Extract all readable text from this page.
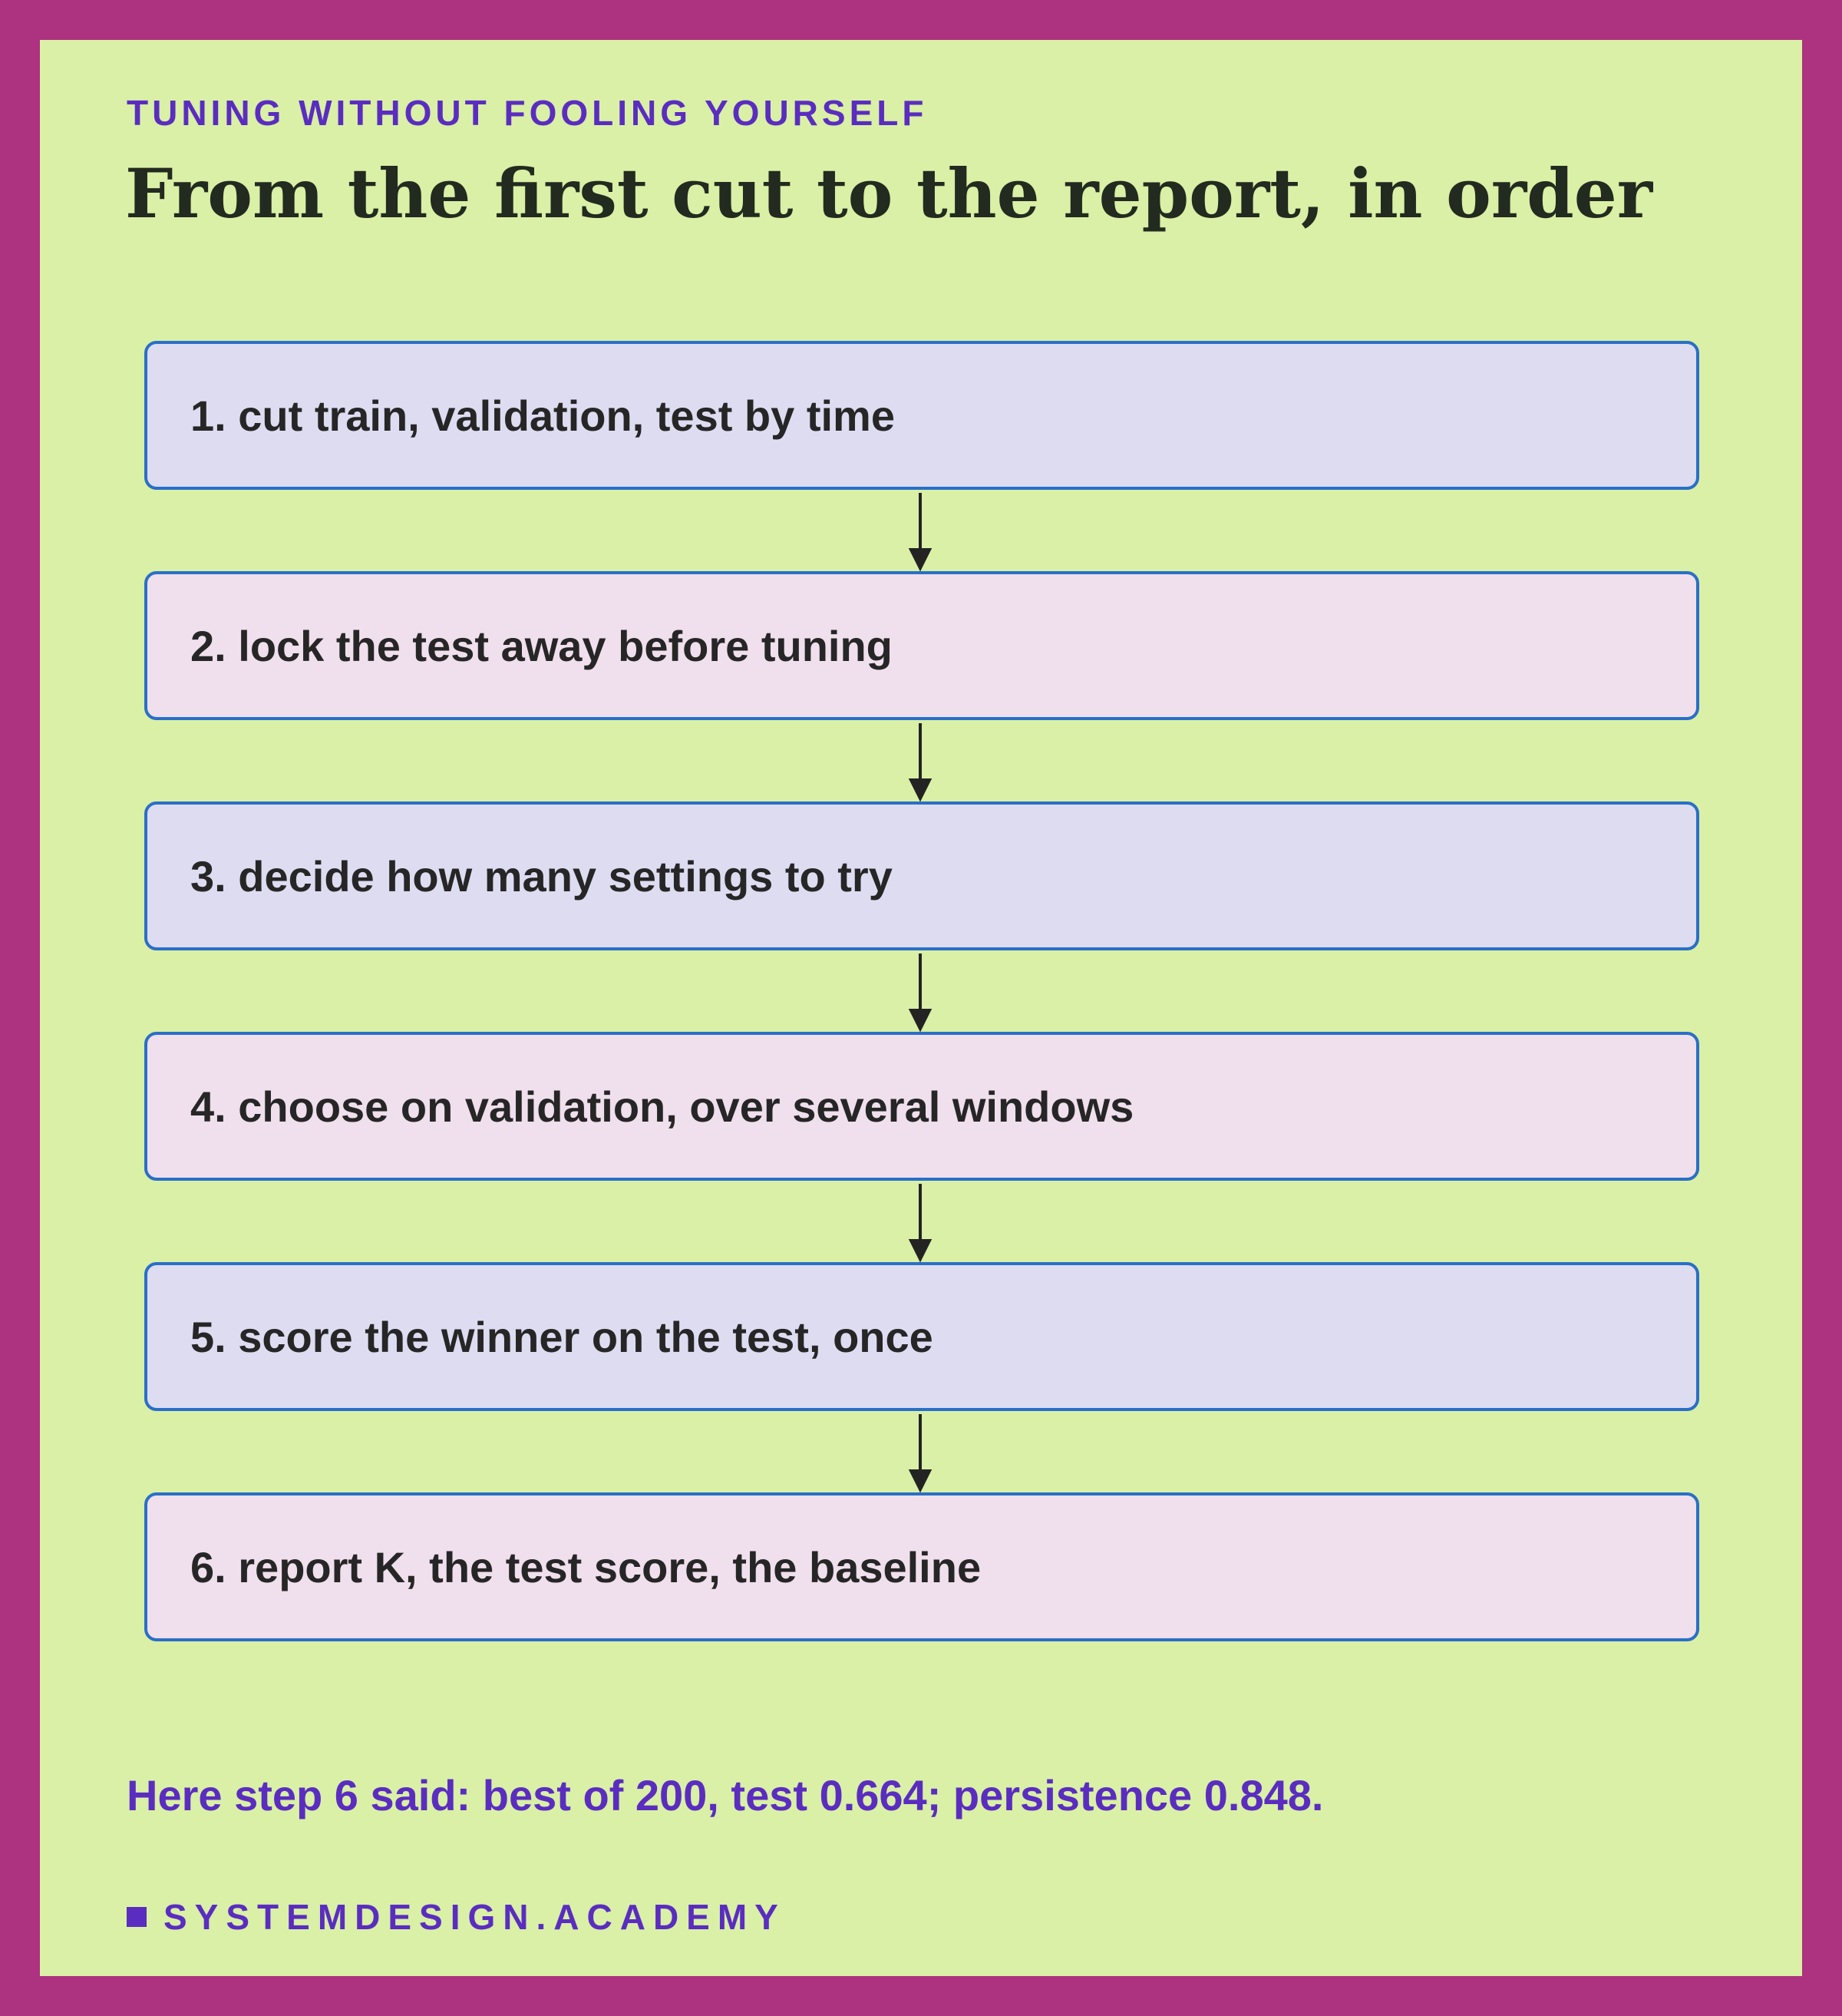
TUNING WITHOUT FOOLING YOURSELF
From the first cut to the report, in order
1. cut train, validation, test by time
2. lock the test away before tuning
3. decide how many settings to try
4. choose on validation, over several windows
5. score the winner on the test, once
6. report K, the test score, the baseline
Here step 6 said: best of 200, test 0.664; persistence 0.848.
SYSTEMDESIGN.ACADEMY
